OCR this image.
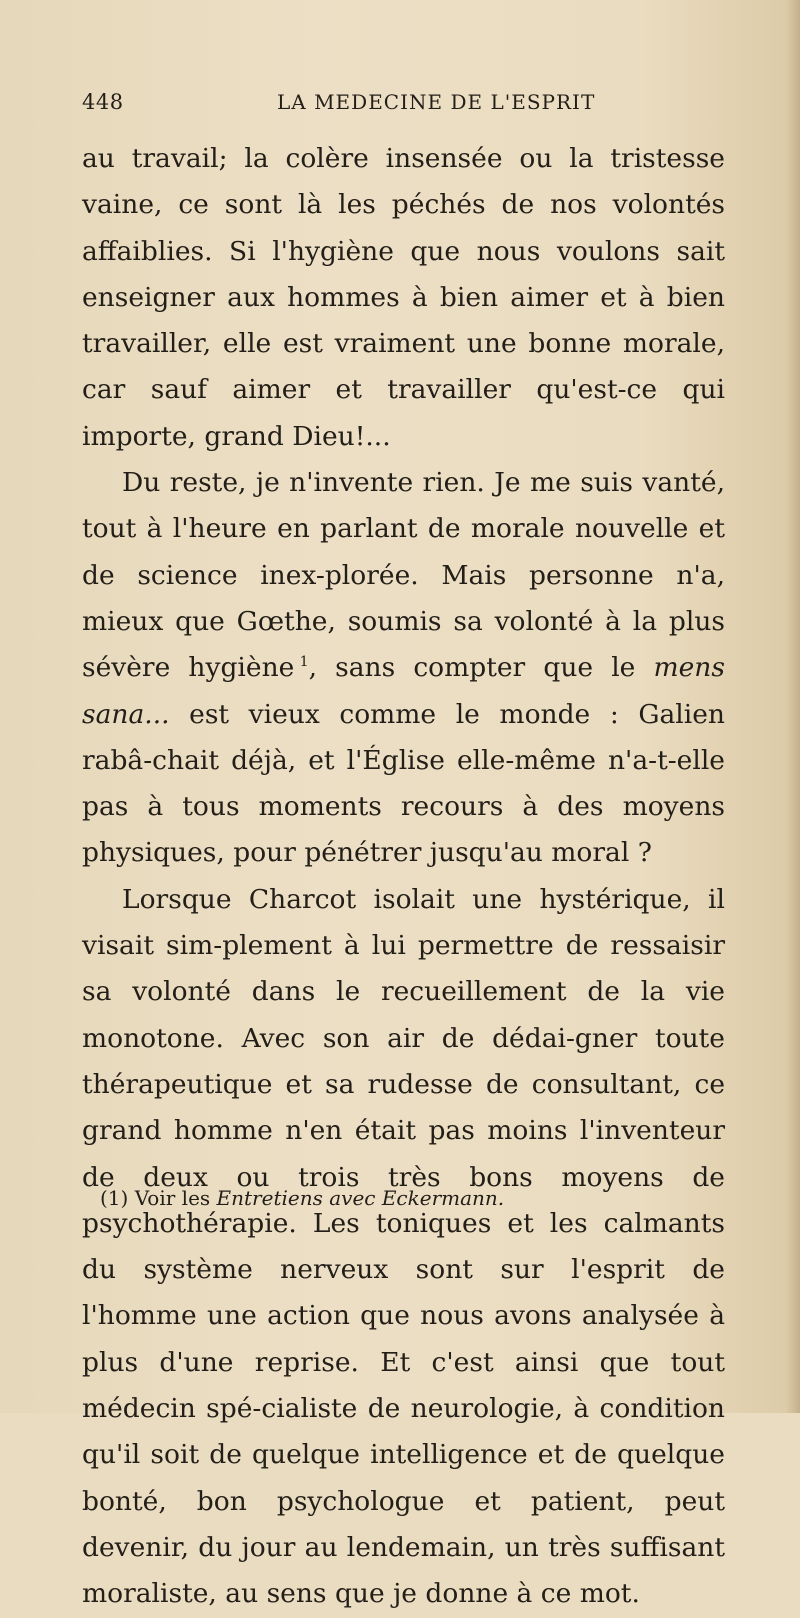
448	LA MEDECINE DE L'ESPRIT

au travail; la colère insensée ou la tristesse vaine, ce sont là les péchés de nos volontés affaiblies. Si l'hygiène que nous voulons sait enseigner aux hommes à bien aimer et à bien travailler, elle est vraiment une bonne morale, car sauf aimer et travailler qu'est-ce qui importe, grand Dieu!...

Du reste, je n'invente rien. Je me suis vanté, tout à l'heure en parlant de morale nouvelle et de science inex-plorée. Mais personne n'a, mieux que Gœthe, soumis sa volonté à la plus sévère hygiène  $^1$, sans compter que le mens sana... est vieux comme le monde : Galien rabâ-chait déjà, et l'Église elle-même n'a-t-elle pas à tous moments recours à des moyens physiques, pour pénétrer jusqu'au moral ?

Lorsque Charcot isolait une hystérique, il visait sim-plement à lui permettre de ressaisir sa volonté dans le recueillement de la vie monotone. Avec son air de dédai-gner toute thérapeutique et sa rudesse de consultant, ce grand homme n'en était pas moins l'inventeur de deux ou trois très bons moyens de psychothérapie. Les toniques et les calmants du système nerveux sont sur l'esprit de l'homme une action que nous avons analysée à plus d'une reprise. Et c'est ainsi que tout médecin spé-cialiste de neurologie, à condition qu'il soit de quelque intelligence et de quelque bonté, bon psychologue et patient, peut devenir, du jour au lendemain, un très suffisant moraliste, au sens que je donne à ce mot.

(1) Voir les Entretiens avec Eckermann.
